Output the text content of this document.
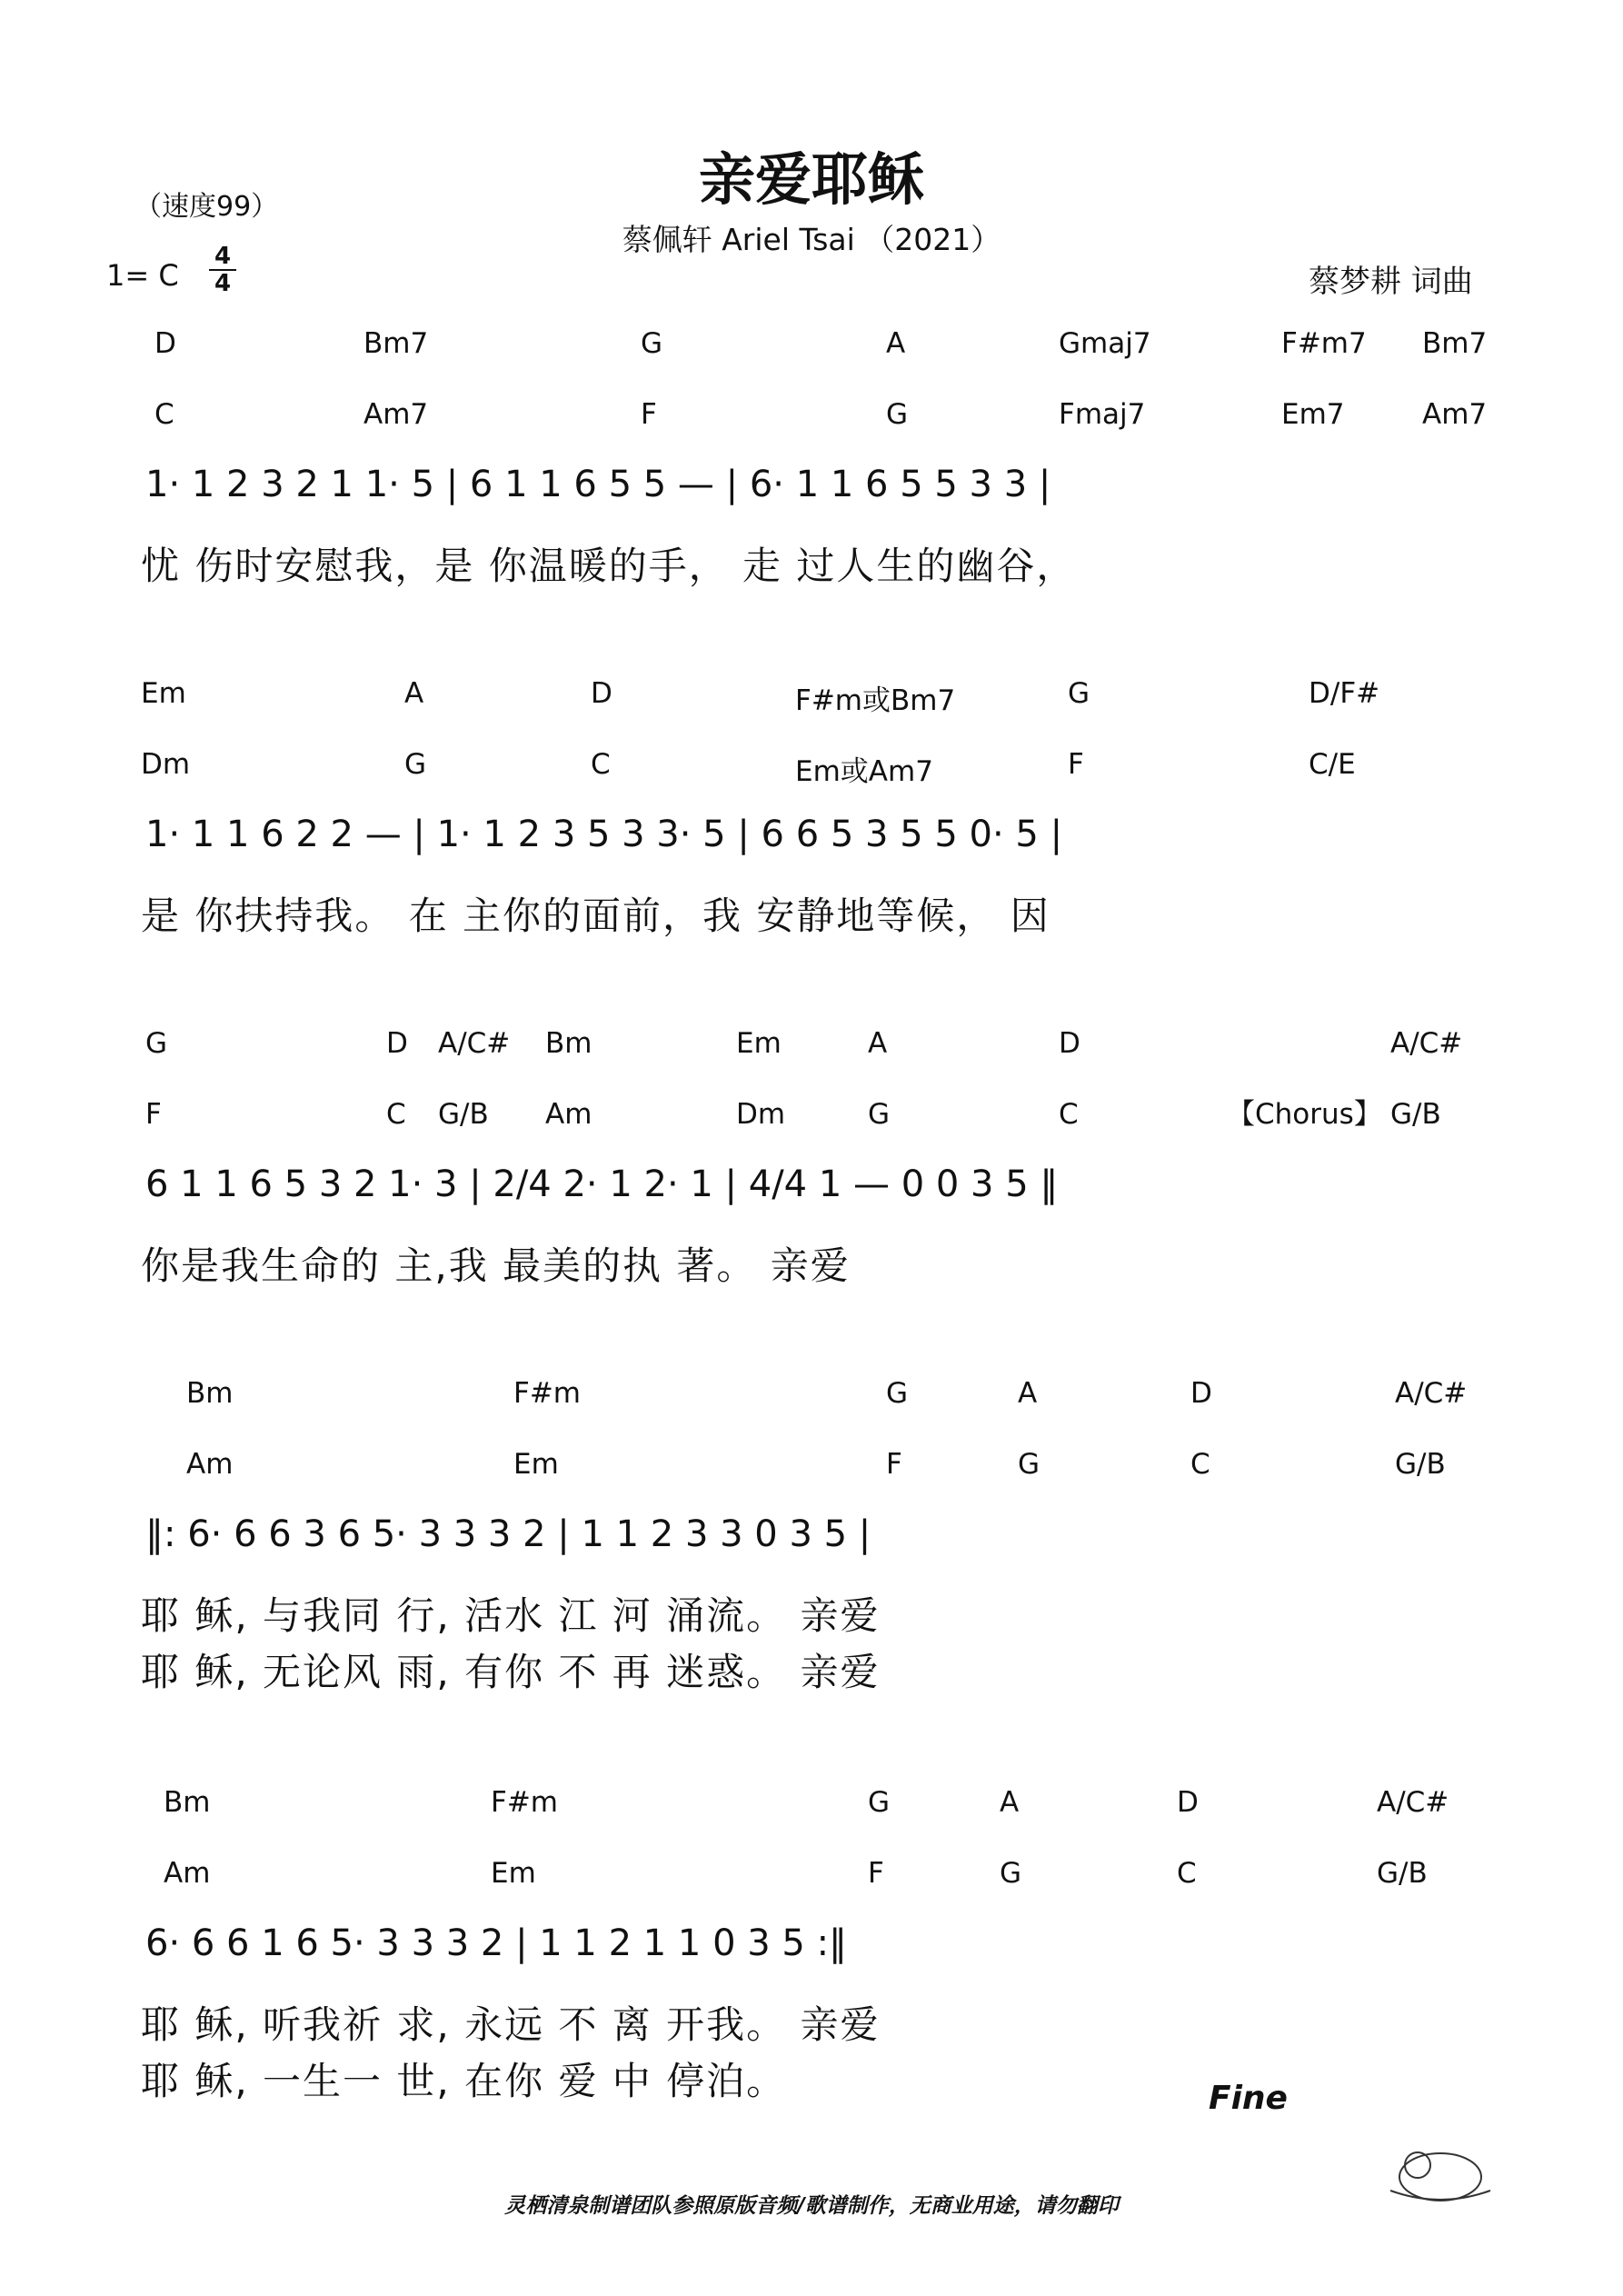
亲爱耶稣
蔡佩轩 Ariel Tsai （2021）
（速度99）
1= C
4
4	蔡梦耕 词曲
D	Bm7	G	A	Gmaj7	F#m7 Bm7
C	Am7	F	G	Fmaj7	Em7	Am7
1· 1 2 3 2 1 1· 5 | 6 1 1 6 5 5 — | 6· 1 1 6 5 5 3 3 |
忧 伤时安慰我，是 你温暖的手， 走 过人生的幽谷，
Em	A	D	F#m或Bm7	G	D/F#
Dm	G	C	Em或Am7	F	C/E
1· 1 1 6 2 2 — | 1· 1 2 3 5 3 3· 5 | 6 6 5 3 5 5 0· 5 |
是 你扶持我。 在 主你的面前，我 安静地等候， 因
G	D A/C# Bm	Em	A	D	A/C#
F	C G/B Am	Dm	G	C	G/B
【Chorus】
6 1 1 6 5 3 2 1· 3 | 2/4 2· 1 2· 1 | 4/4 1 — 0 0 3 5 ‖
你是我生命的 主,我 最美的执 著。 亲爱
Bm	F#m	G	A	D	A/C#
Am	Em	F	G	C	G/B
‖: 6· 6 6 3 6 5· 3 3 3 2 | 1 1 2 3 3 0 3 5 |
耶 稣, 与我同 行, 活水 江 河 涌流。 亲爱
耶 稣, 无论风 雨, 有你 不 再 迷惑。 亲爱
Bm	F#m	G	A	D	A/C#
Am	Em	F	G	C	G/B
6· 6 6 1 6 5· 3 3 3 2 | 1 1 2 1 1 0 3 5 :‖
耶 稣, 听我祈 求, 永远 不 离 开我。 亲爱
耶 稣, 一生一 世, 在你 爱 中 停泊。	Fine
灵栖清泉制谱团队参照原版音频/歌谱制作，无商业用途，请勿翻印
